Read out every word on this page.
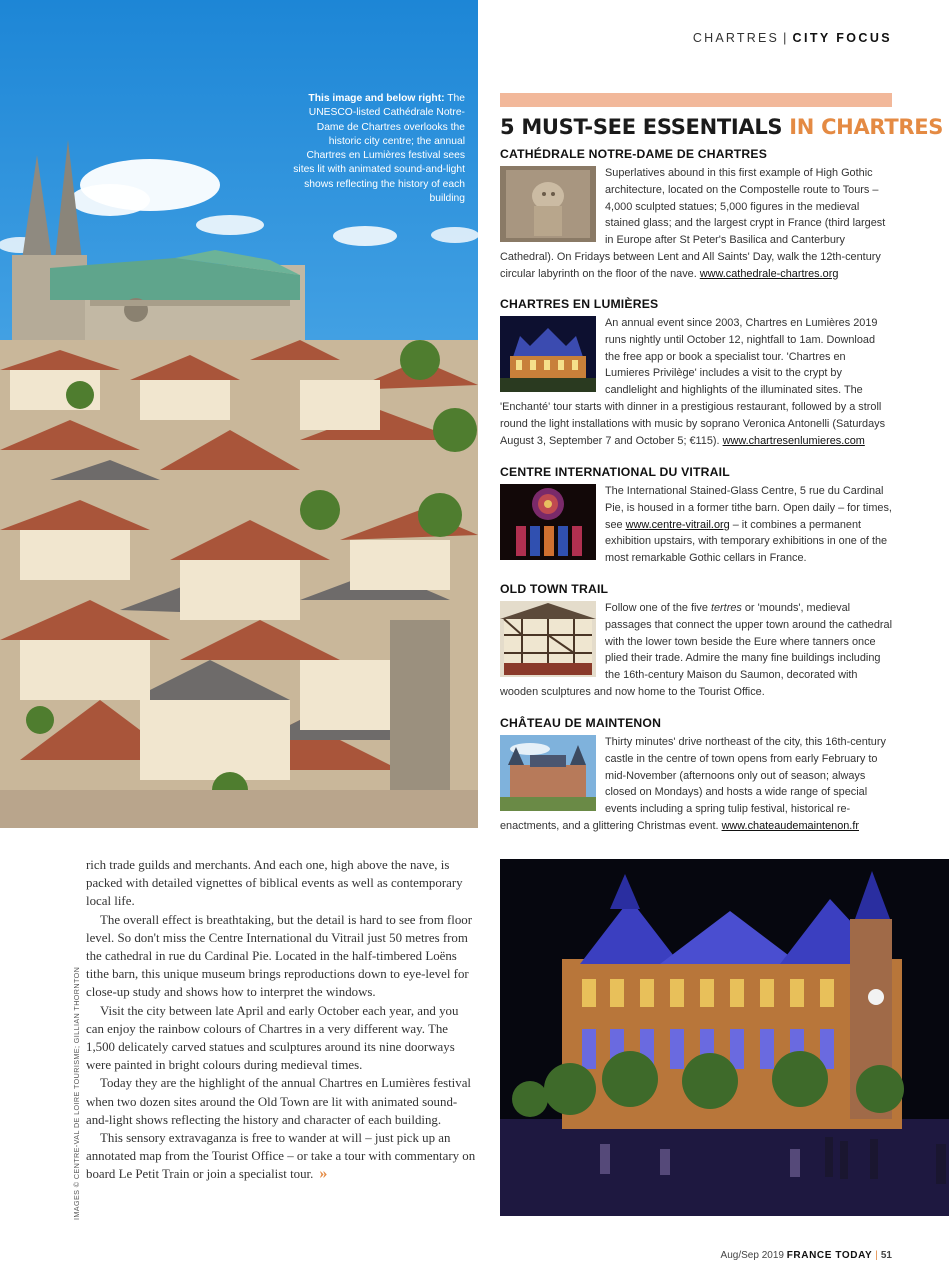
This image and below right: The UNESCO-listed Cathédrale Notre-Dame de Chartres overlooks the historic city centre; the annual Chartres en Lumières festival sees sites lit with animated sound-and-light shows reflecting the history of each building
CHARTRES | CITY FOCUS
5 MUST-SEE ESSENTIALS IN CHARTRES
CATHÉDRALE NOTRE-DAME DE CHARTRES

Superlatives abound in this first example of High Gothic architecture, located on the Compostelle route to Tours – 4,000 sculpted statues; 5,000 figures in the medieval stained glass; and the largest crypt in France (third largest in Europe after St Peter's Basilica and Canterbury Cathedral). On Fridays between Lent and All Saints' Day, walk the 12th-century circular labyrinth on the floor of the nave. www.cathedrale-chartres.org

CHARTRES EN LUMIÈRES

An annual event since 2003, Chartres en Lumières 2019 runs nightly until October 12, nightfall to 1am. Download the free app or book a specialist tour. 'Chartres en Lumieres Privilège' includes a visit to the crypt by candlelight and highlights of the illuminated sites. The 'Enchanté' tour starts with dinner in a prestigious restaurant, followed by a stroll round the light installations with music by soprano Veronica Antonelli (Saturdays August 3, September 7 and October 5; €115). www.chartresenlumieres.com

CENTRE INTERNATIONAL DU VITRAIL

The International Stained-Glass Centre, 5 rue du Cardinal Pie, is housed in a former tithe barn. Open daily – for times, see www.centre-vitrail.org – it combines a permanent exhibition upstairs, with temporary exhibitions in one of the most remarkable Gothic cellars in France.

OLD TOWN TRAIL

Follow one of the five tertres or 'mounds', medieval passages that connect the upper town around the cathedral with the lower town beside the Eure where tanners once plied their trade. Admire the many fine buildings including the 16th-century Maison du Saumon, decorated with wooden sculptures and now home to the Tourist Office.

CHÂTEAU DE MAINTENON

Thirty minutes' drive northeast of the city, this 16th-century castle in the centre of town opens from early February to mid-November (afternoons only out of season; always closed on Mondays) and hosts a wide range of special events including a spring tulip festival, historical re-enactments, and a glittering Christmas event. www.chateaudemaintenon.fr

rich trade guilds and merchants. And each one, high above the nave, is packed with detailed vignettes of biblical events as well as contemporary local life.

The overall effect is breathtaking, but the detail is hard to see from floor level. So don't miss the Centre International du Vitrail just 50 metres from the cathedral in rue du Cardinal Pie. Located in the half-timbered Loëns tithe barn, this unique museum brings reproductions down to eye-level for close-up study and shows how to interpret the windows.

Visit the city between late April and early October each year, and you can enjoy the rainbow colours of Chartres in a very different way. The 1,500 delicately carved statues and sculptures around its nine doorways were painted in bright colours during medieval times.

Today they are the highlight of the annual Chartres en Lumières festival when two dozen sites around the Old Town are lit with animated sound-and-light shows reflecting the history and character of each building.

This sensory extravaganza is free to wander at will – just pick up an annotated map from the Tourist Office – or take a tour with commentary on board Le Petit Train or join a specialist tour. »

IMAGES © CENTRE-VAL DE LOIRE TOURISME; GILLIAN THORNTON
Aug/Sep 2019 FRANCE TODAY | 51
